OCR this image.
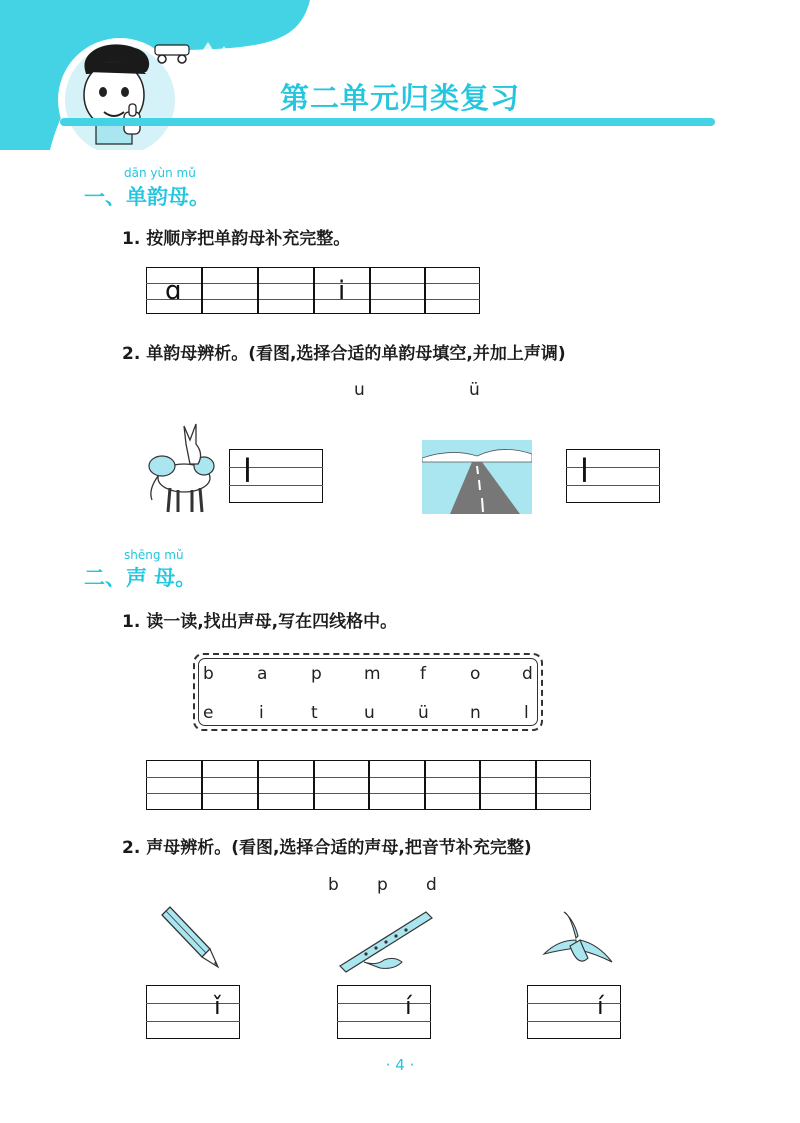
第二单元归类复习
dān yùn mǔ
一、单韵母。
1. 按顺序把单韵母补充完整。
ɑ	i
2. 单韵母辨析。(看图,选择合适的单韵母填空,并加上声调)
u	ü
l	l
shēng mǔ
二、声 母。
1. 读一读,找出声母,写在四线格中。
b	a	p m f	o d
e	i	t	u	ü n	l
2. 声母辨析。(看图,选择合适的声母,把音节补充完整)
b p d
ǐ	í	í
· 4 ·
